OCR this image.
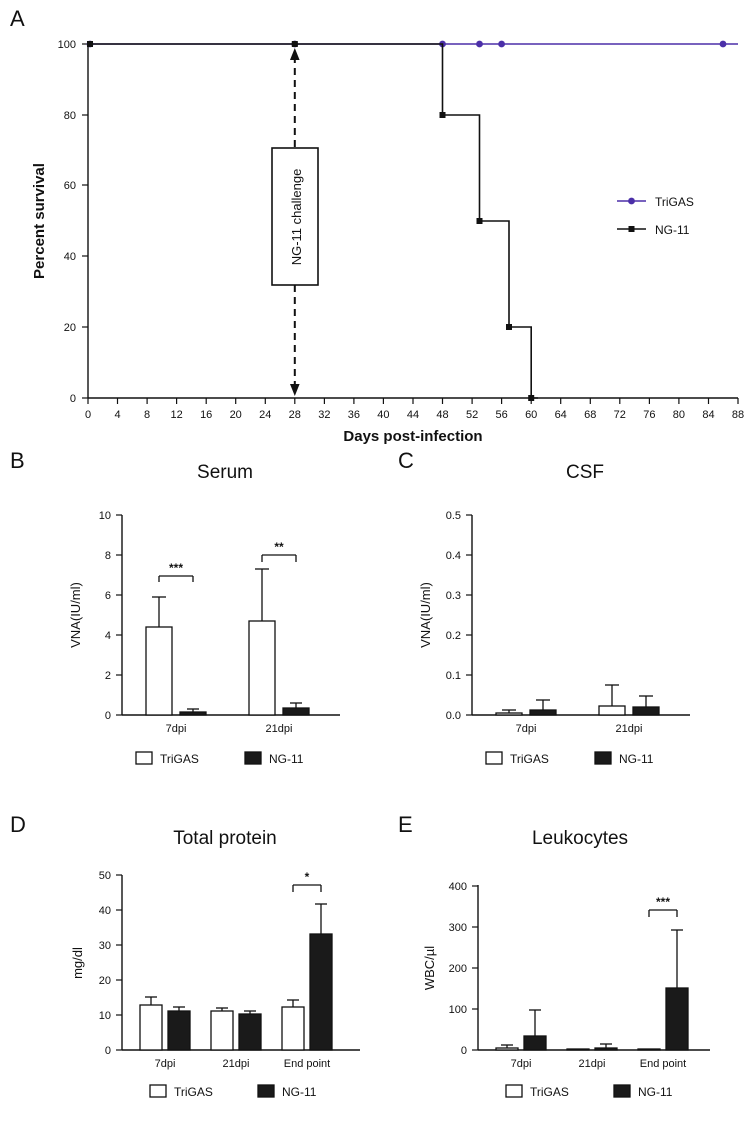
A
0
20
40
60
80
100
0 4 8 12 16 20 24 28 32 36 40 44 48 52 56 60 64 68 72 76 80 84 88
Days post-infection
Percent survival	NG-11 challenge	TriGAS
NG-11
B	Serum
0
2
4
6
8
10
VNA(IU/ml)
***
7dpi
**
21dpi
TriGAS	NG-11
C	CSF
0.0
0.1
0.2
0.3
0.4
0.5
VNA(IU/ml)
7dpi	21dpi
TriGAS	NG-11
D
Total protein
0
10
20
30
40
50
mg/dl
7dpi	21dpi
*
End point
TriGAS	NG-11
E
Leukocytes
0
100
200
300
400
WBC/µl
7dpi	21dpi
***
End point
TriGAS	NG-11
